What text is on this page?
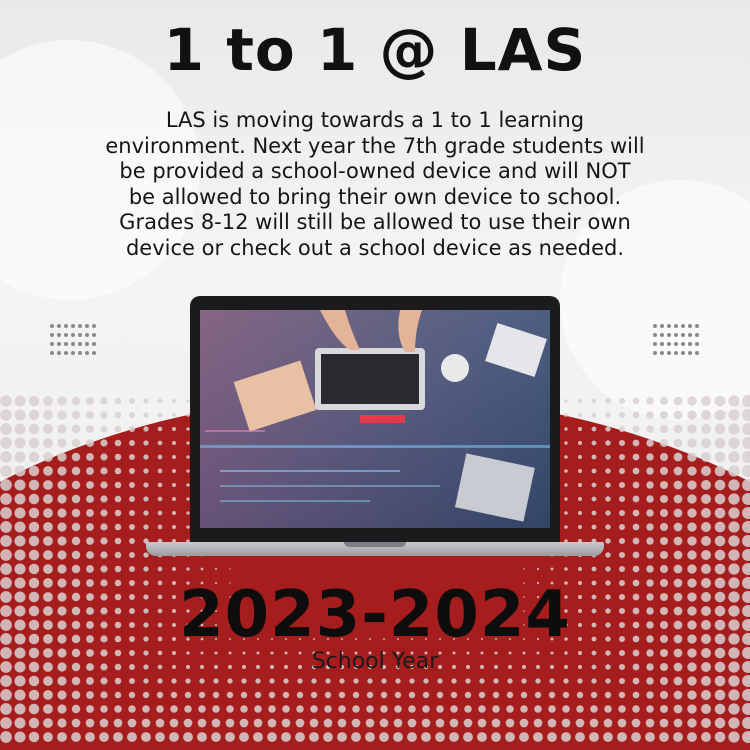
1 to 1 @ LAS
LAS is moving towards a 1 to 1 learning
environment. Next year the 7th grade students will
be provided a school-owned device and will NOT
be allowed to bring their own device to school.
Grades 8-12 will still be allowed to use their own
device or check out a school device as needed.
2023-2024
School Year
